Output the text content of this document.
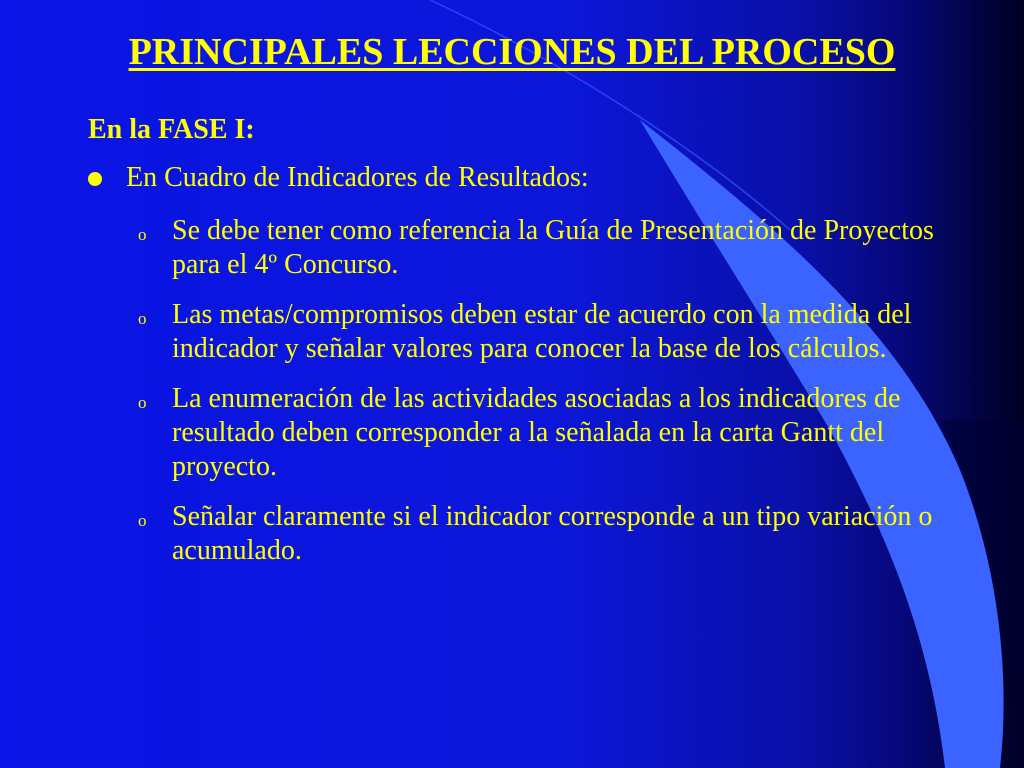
PRINCIPALES LECCIONES DEL PROCESO
En la FASE I:
En Cuadro de Indicadores de Resultados:
o Se debe tener como referencia la Guía de Presentación de Proyectos para el 4º Concurso.
o Las metas/compromisos deben estar de acuerdo con la medida del indicador y señalar valores para conocer la base de los cálculos.
o La enumeración de las actividades asociadas a los indicadores de resultado deben corresponder a la señalada en la carta Gantt del proyecto.
o Señalar claramente si el indicador corresponde a un tipo variación o acumulado.
